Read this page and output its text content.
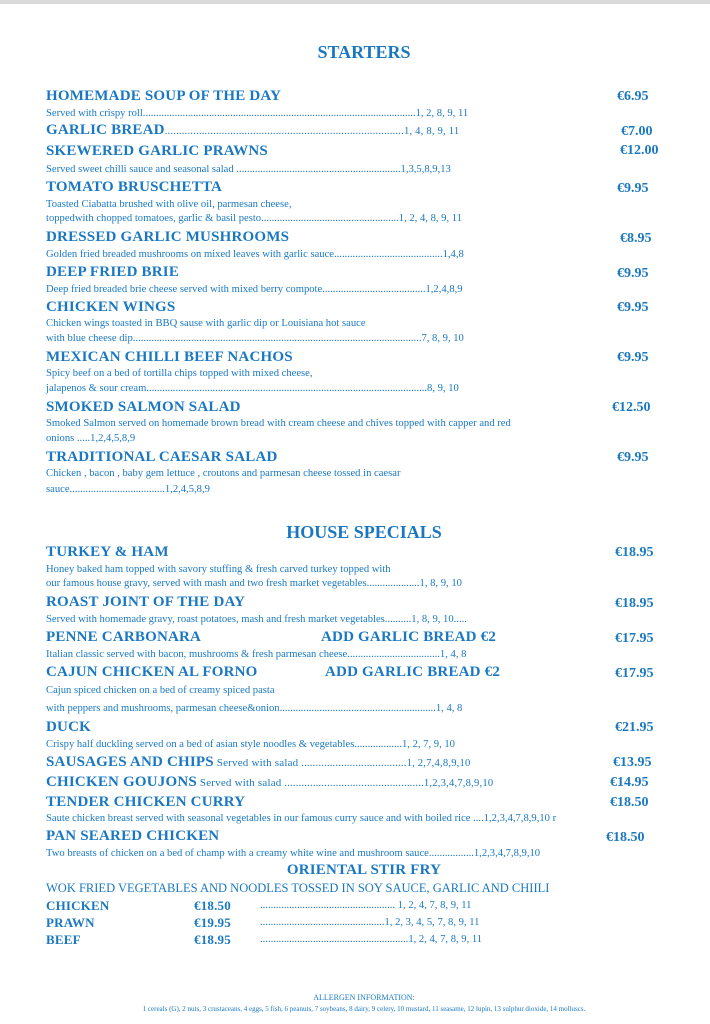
STARTERS
HOMEMADE SOUP OF THE DAY	€6.95
Served with crispy roll.......................................................................................................1, 2, 8, 9, 11
GARLIC BREAD....................................................................................1, 4, 8, 9, 11	€7.00
SKEWERED GARLIC PRAWNS	€12.00
Served sweet chilli sauce and seasonal salad ..............................................................1,3,5,8,9,13
TOMATO BRUSCHETTA	€9.95
Toasted Ciabatta brushed with olive oil, parmesan cheese,
toppedwith chopped tomatoes, garlic & basil pesto....................................................1, 2, 4, 8, 9, 11
DRESSED GARLIC MUSHROOMS	€8.95
Golden fried breaded mushrooms on mixed leaves with garlic sauce.........................................1,4,8
DEEP FRIED BRIE	€9.95
Deep fried breaded brie cheese served with mixed berry compote.......................................1,2,4,8,9
CHICKEN WINGS	€9.95
Chicken wings toasted in BBQ sause with garlic dip or Louisiana hot sauce
with blue cheese dip.............................................................................................................7, 8, 9, 10
MEXICAN CHILLI BEEF NACHOS	€9.95
Spicy beef on a bed of tortilla chips topped with mixed cheese,
jalapenos & sour cream..........................................................................................................8, 9, 10
SMOKED SALMON SALAD	€12.50
Smoked Salmon served on homemade brown bread with cream cheese and chives topped with capper and red
onions .....1,2,4,5,8,9
TRADITIONAL CAESAR SALAD	€9.95
Chicken , bacon , baby gem lettuce , croutons and parmesan cheese tossed in caesar
sauce....................................1,2,4,5,8,9
HOUSE SPECIALS
TURKEY & HAM	€18.95
Honey baked ham topped with savory stuffing & fresh carved turkey topped with
our famous house gravy, served with mash and two fresh market vegetables....................1, 8, 9, 10
ROAST JOINT OF THE DAY	€18.95
Served with homemade gravy, roast potatoes, mash and fresh market vegetables..........1, 8, 9, 10.....
PENNE CARBONARA	ADD GARLIC BREAD €2	€17.95
Italian classic served with bacon, mushrooms & fresh parmesan cheese...................................1, 4, 8
CAJUN CHICKEN AL FORNO	ADD GARLIC BREAD €2	€17.95
Cajun spiced chicken on a bed of creamy spiced pasta
with peppers and mushrooms, parmesan cheese&onion...........................................................1, 4, 8
DUCK	€21.95
Crispy half duckling served on a bed of asian style noodles & vegetables..................1, 2, 7, 9, 10
SAUSAGES AND CHIPS Served with salad .....................................1, 2,7,4,8,9,10	€13.95
CHICKEN GOUJONS Served with salad .................................................1,2,3,4,7,8,9,10	€14.95
TENDER CHICKEN CURRY	€18.50
Saute chicken breast served with seasonal vegetables in our famous curry sauce and with boiled rice ....1,2,3,4,7,8,9,10 r
PAN SEARED CHICKEN	€18.50
Two breasts of chicken on a bed of champ with a creamy white wine and mushroom sauce.................1,2,3,4,7,8,9,10
ORIENTAL STIR FRY
WOK FRIED VEGETABLES AND NOODLES TOSSED IN SOY SAUCE, GARLIC AND CHIILI
CHICKEN	€18.50	................................................... 1, 2, 4, 7, 8, 9, 11
PRAWN	€19.95	...............................................1, 2, 3, 4, 5, 7, 8, 9, 11
BEEF	€18.95	........................................................1, 2, 4, 7, 8, 9, 11
ALLERGEN INFORMATION:
1 cereals (G), 2 nuts, 3 crustaceans, 4 eggs, 5 fish, 6 peanuts, 7 soybeans, 8 dairy, 9 celery, 10 mustard, 11 seasame, 12 lupin, 13 sulphur dioxide, 14 molluscs.
